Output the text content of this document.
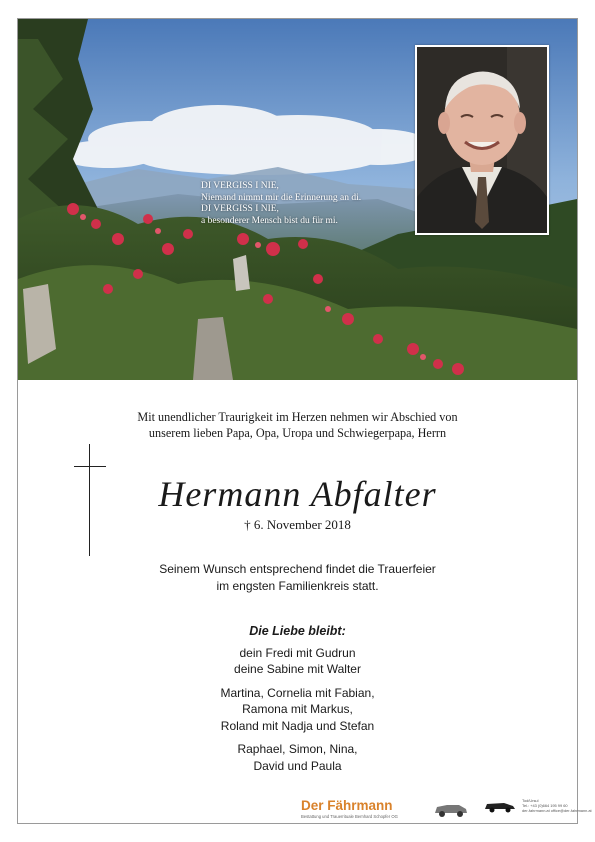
DI VERGISS I NIE,
Niemand nimmt mir die Erinnerung an di.
DI VERGISS I NIE,
a besonderer Mensch bist du für mi.
Mit unendlicher Traurigkeit im Herzen nehmen wir Abschied von
unserem lieben Papa, Opa, Uropa und Schwiegerpapa, Herrn
Hermann Abfalter
† 6. November 2018
Seinem Wunsch entsprechend findet die Trauerfeier
im engsten Familienkreis statt.
Die Liebe bleibt:
dein Fredi mit Gudrun
deine Sabine mit Walter
Martina, Cornelia mit Fabian,
Ramona mit Markus,
Roland mit Nadja und Stefan
Raphael, Simon, Nina,
David und Paula
Der Fährmann
Bestattung und Trauerrituale Bernhard Schopfer OG
Tod/Ursul
Tel.: +43 (0)664 195 99 60
der-fahrmann.at office@der-fahrmann.at
